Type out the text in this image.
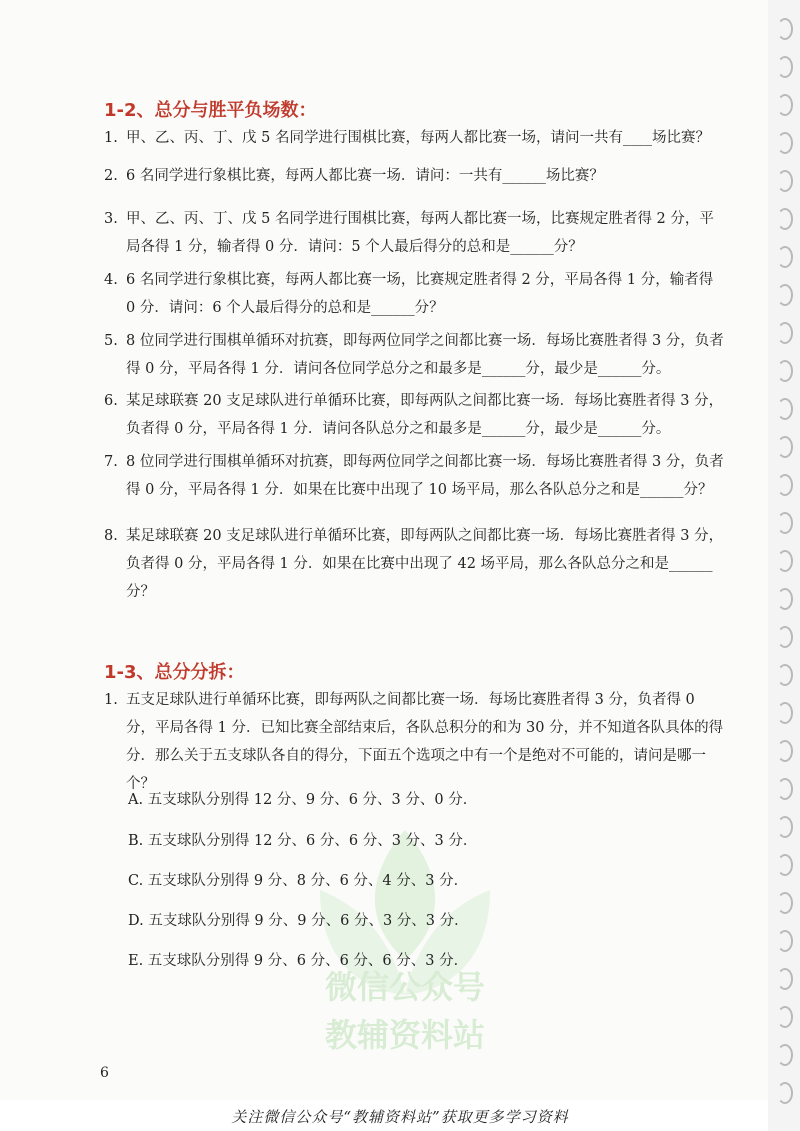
微信公众号
教辅资料站
1-2、总分与胜平负场数：
1. 甲、乙、丙、丁、戊 5 名同学进行围棋比赛，每两人都比赛一场，请问一共有____场比赛？
2. 6 名同学进行象棋比赛，每两人都比赛一场．请问：一共有______场比赛？
3. 甲、乙、丙、丁、戊 5 名同学进行围棋比赛，每两人都比赛一场，比赛规定胜者得 2 分，平局各得 1 分，输者得 0 分．请问：5 个人最后得分的总和是______分？
4. 6 名同学进行象棋比赛，每两人都比赛一场，比赛规定胜者得 2 分，平局各得 1 分，输者得 0 分．请问：6 个人最后得分的总和是______分？
5. 8 位同学进行围棋单循环对抗赛，即每两位同学之间都比赛一场．每场比赛胜者得 3 分，负者得 0 分，平局各得 1 分．请问各位同学总分之和最多是______分，最少是______分。
6. 某足球联赛 20 支足球队进行单循环比赛，即每两队之间都比赛一场．每场比赛胜者得 3 分，负者得 0 分，平局各得 1 分．请问各队总分之和最多是______分，最少是______分。
7. 8 位同学进行围棋单循环对抗赛，即每两位同学之间都比赛一场．每场比赛胜者得 3 分，负者得 0 分，平局各得 1 分．如果在比赛中出现了 10 场平局，那么各队总分之和是______分？
8. 某足球联赛 20 支足球队进行单循环比赛，即每两队之间都比赛一场．每场比赛胜者得 3 分，负者得 0 分，平局各得 1 分．如果在比赛中出现了 42 场平局，那么各队总分之和是______分？
1-3、总分分拆：
1. 五支足球队进行单循环比赛，即每两队之间都比赛一场．每场比赛胜者得 3 分，负者得 0 分，平局各得 1 分．已知比赛全部结束后，各队总积分的和为 30 分，并不知道各队具体的得分．那么关于五支球队各自的得分，下面五个选项之中有一个是绝对不可能的，请问是哪一个？
A. 五支球队分别得 12 分、9 分、6 分、3 分、0 分．
B. 五支球队分别得 12 分、6 分、6 分、3 分、3 分．
C. 五支球队分别得 9 分、8 分、6 分、4 分、3 分．
D. 五支球队分别得 9 分、9 分、6 分、3 分、3 分．
E. 五支球队分别得 9 分、6 分、6 分、6 分、3 分．
6
关注微信公众号“教辅资料站”获取更多学习资料
